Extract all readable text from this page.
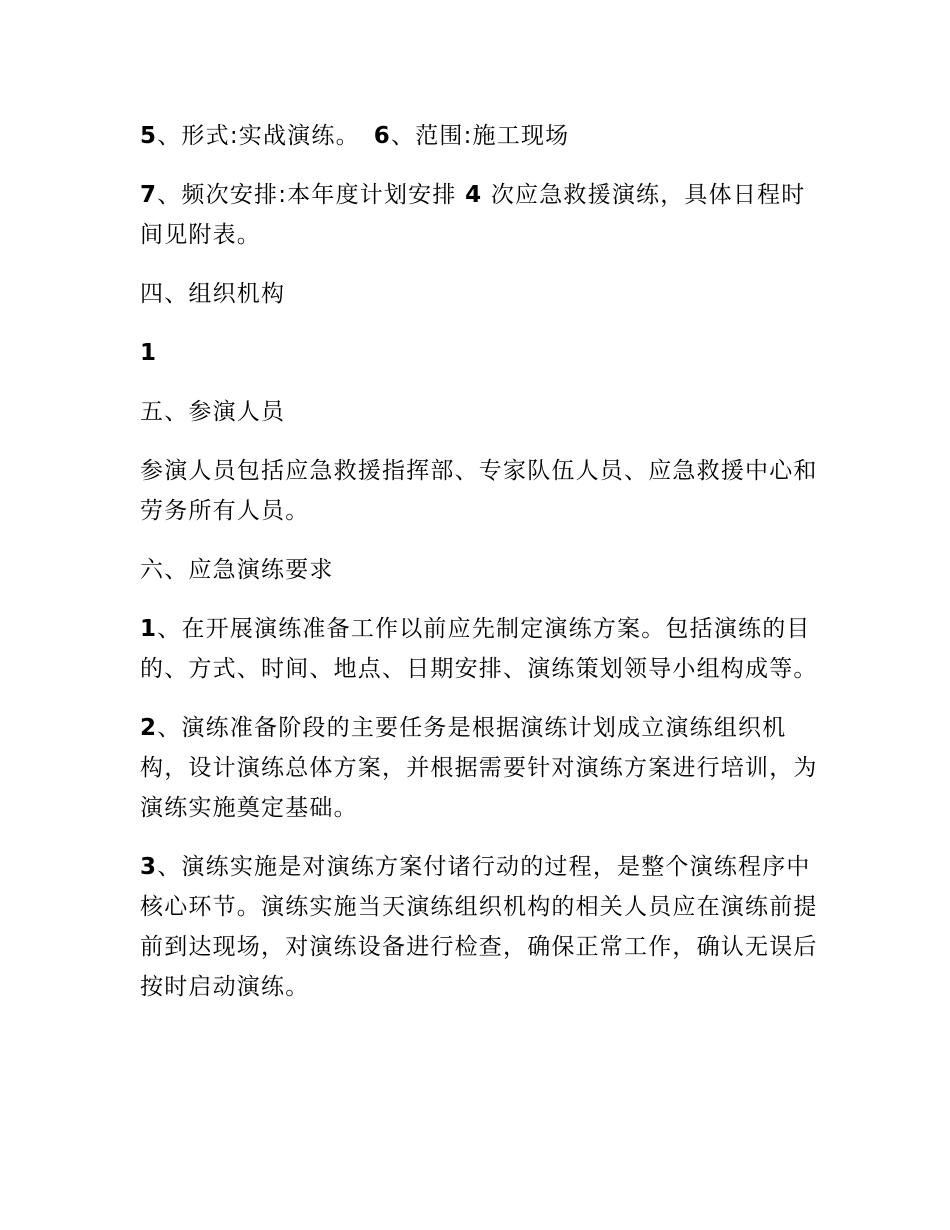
5、形式:实战演练。 6、范围:施工现场

7、频次安排:本年度计划安排 4 次应急救援演练，具体日程时间见附表。

四、组织机构

1

五、参演人员

参演人员包括应急救援指挥部、专家队伍人员、应急救援中心和劳务所有人员。

六、应急演练要求

1、在开展演练准备工作以前应先制定演练方案。包括演练的目的、方式、时间、地点、日期安排、演练策划领导小组构成等。

2、演练准备阶段的主要任务是根据演练计划成立演练组织机构，设计演练总体方案，并根据需要针对演练方案进行培训，为演练实施奠定基础。

3、演练实施是对演练方案付诸行动的过程，是整个演练程序中核心环节。演练实施当天演练组织机构的相关人员应在演练前提前到达现场，对演练设备进行检查，确保正常工作，确认无误后按时启动演练。
